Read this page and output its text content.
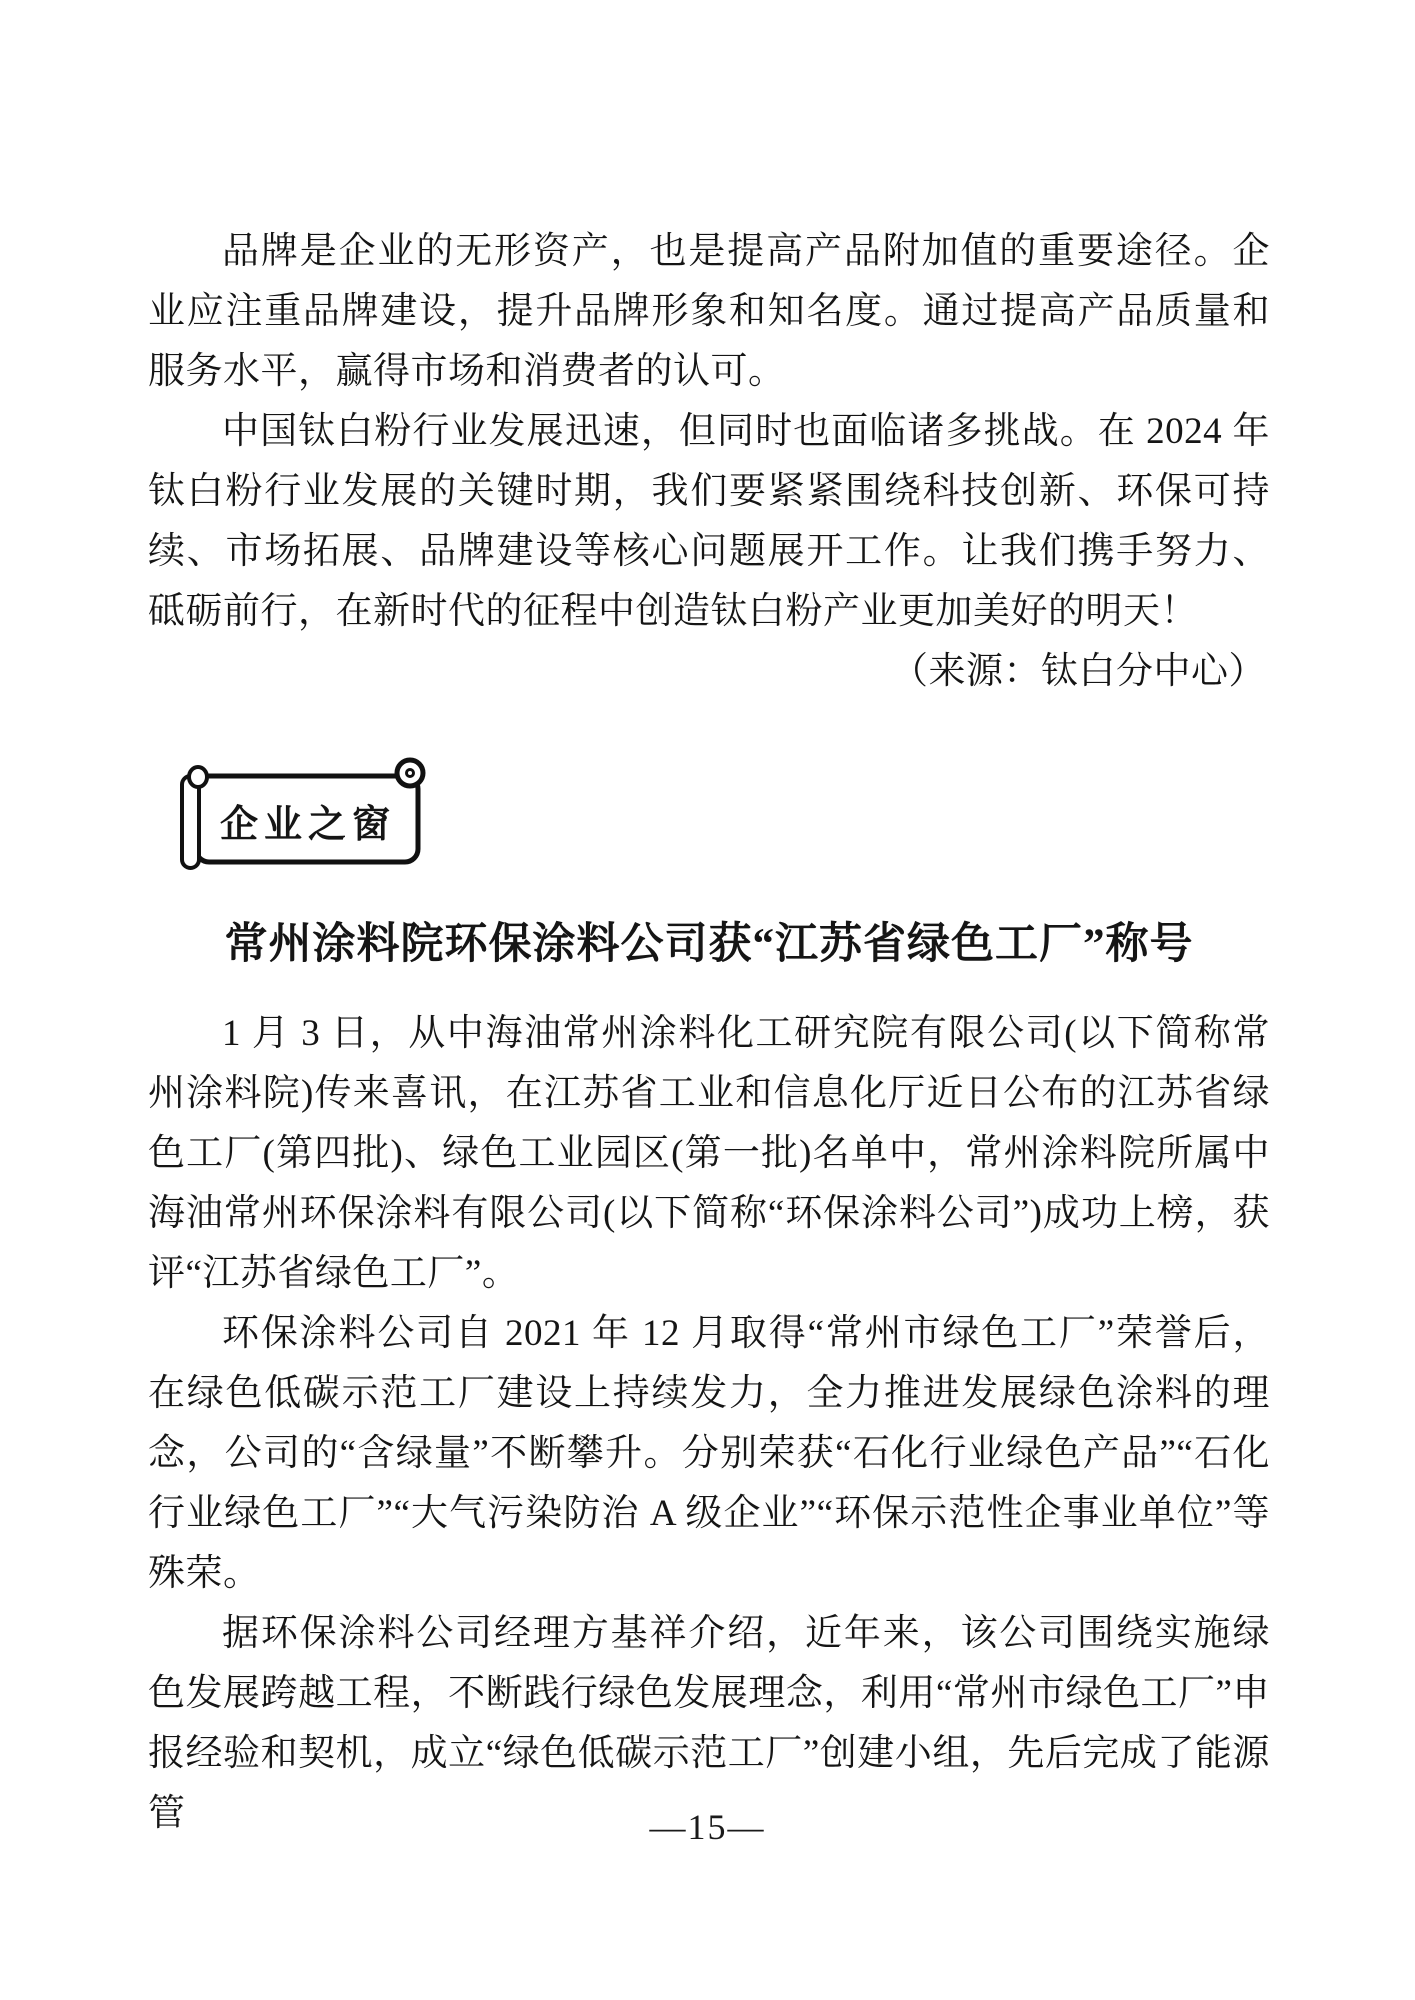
品牌是企业的无形资产，也是提高产品附加值的重要途径。企业应注重品牌建设，提升品牌形象和知名度。通过提高产品质量和服务水平，赢得市场和消费者的认可。

中国钛白粉行业发展迅速，但同时也面临诸多挑战。在 2024 年钛白粉行业发展的关键时期，我们要紧紧围绕科技创新、环保可持续、市场拓展、品牌建设等核心问题展开工作。让我们携手努力、砥砺前行，在新时代的征程中创造钛白粉产业更加美好的明天！

（来源：钛白分中心）

企业之窗
常州涂料院环保涂料公司获“江苏省绿色工厂”称号

1 月 3 日，从中海油常州涂料化工研究院有限公司(以下简称常州涂料院)传来喜讯，在江苏省工业和信息化厅近日公布的江苏省绿色工厂(第四批)、绿色工业园区(第一批)名单中，常州涂料院所属中海油常州环保涂料有限公司(以下简称“环保涂料公司”)成功上榜，获评“江苏省绿色工厂”。

环保涂料公司自 2021 年 12 月取得“常州市绿色工厂”荣誉后，在绿色低碳示范工厂建设上持续发力，全力推进发展绿色涂料的理念，公司的“含绿量”不断攀升。分别荣获“石化行业绿色产品”“石化行业绿色工厂”“大气污染防治 A 级企业”“环保示范性企事业单位”等殊荣。

据环保涂料公司经理方基祥介绍，近年来，该公司围绕实施绿色发展跨越工程，不断践行绿色发展理念，利用“常州市绿色工厂”申报经验和契机，成立“绿色低碳示范工厂”创建小组，先后完成了能源管	—15—
